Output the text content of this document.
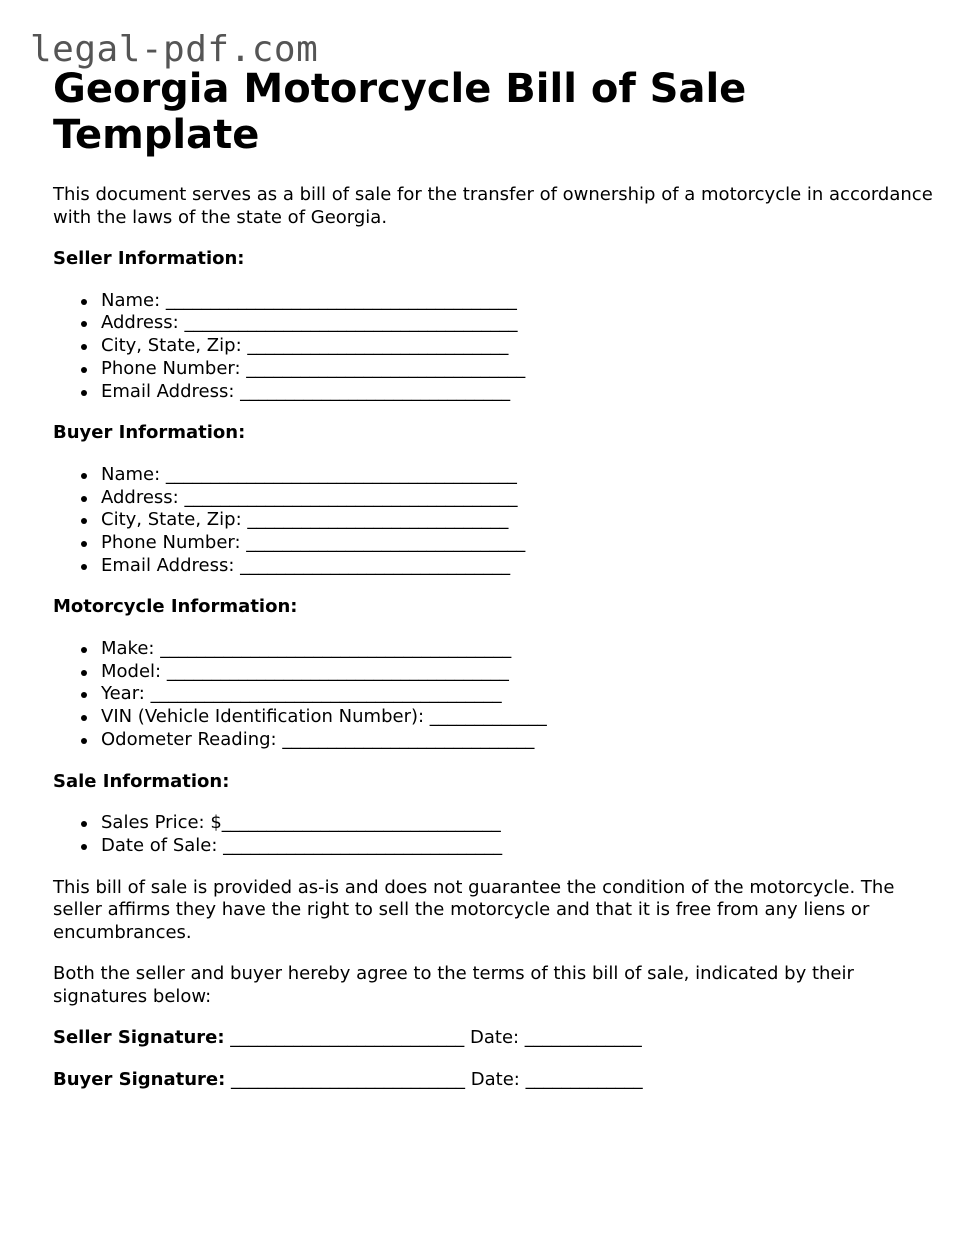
legal-pdf.com
Georgia Motorcycle Bill of Sale Template

This document serves as a bill of sale for the transfer of ownership of a motorcycle in accordance with the laws of the state of Georgia.

Seller Information:

Name: _______________________________________
Address: _____________________________________
City, State, Zip: _____________________________
Phone Number: _______________________________
Email Address: ______________________________

Buyer Information:

Name: _______________________________________
Address: _____________________________________
City, State, Zip: _____________________________
Phone Number: _______________________________
Email Address: ______________________________

Motorcycle Information:

Make: _______________________________________
Model: ______________________________________
Year: _______________________________________
VIN (Vehicle Identification Number): _____________
Odometer Reading: ____________________________

Sale Information:

Sales Price: $_______________________________
Date of Sale: _______________________________

This bill of sale is provided as-is and does not guarantee the condition of the motorcycle. The seller affirms they have the right to sell the motorcycle and that it is free from any liens or encumbrances.

Both the seller and buyer hereby agree to the terms of this bill of sale, indicated by their signatures below:

Seller Signature: __________________________ Date: _____________

Buyer Signature: __________________________ Date: _____________
